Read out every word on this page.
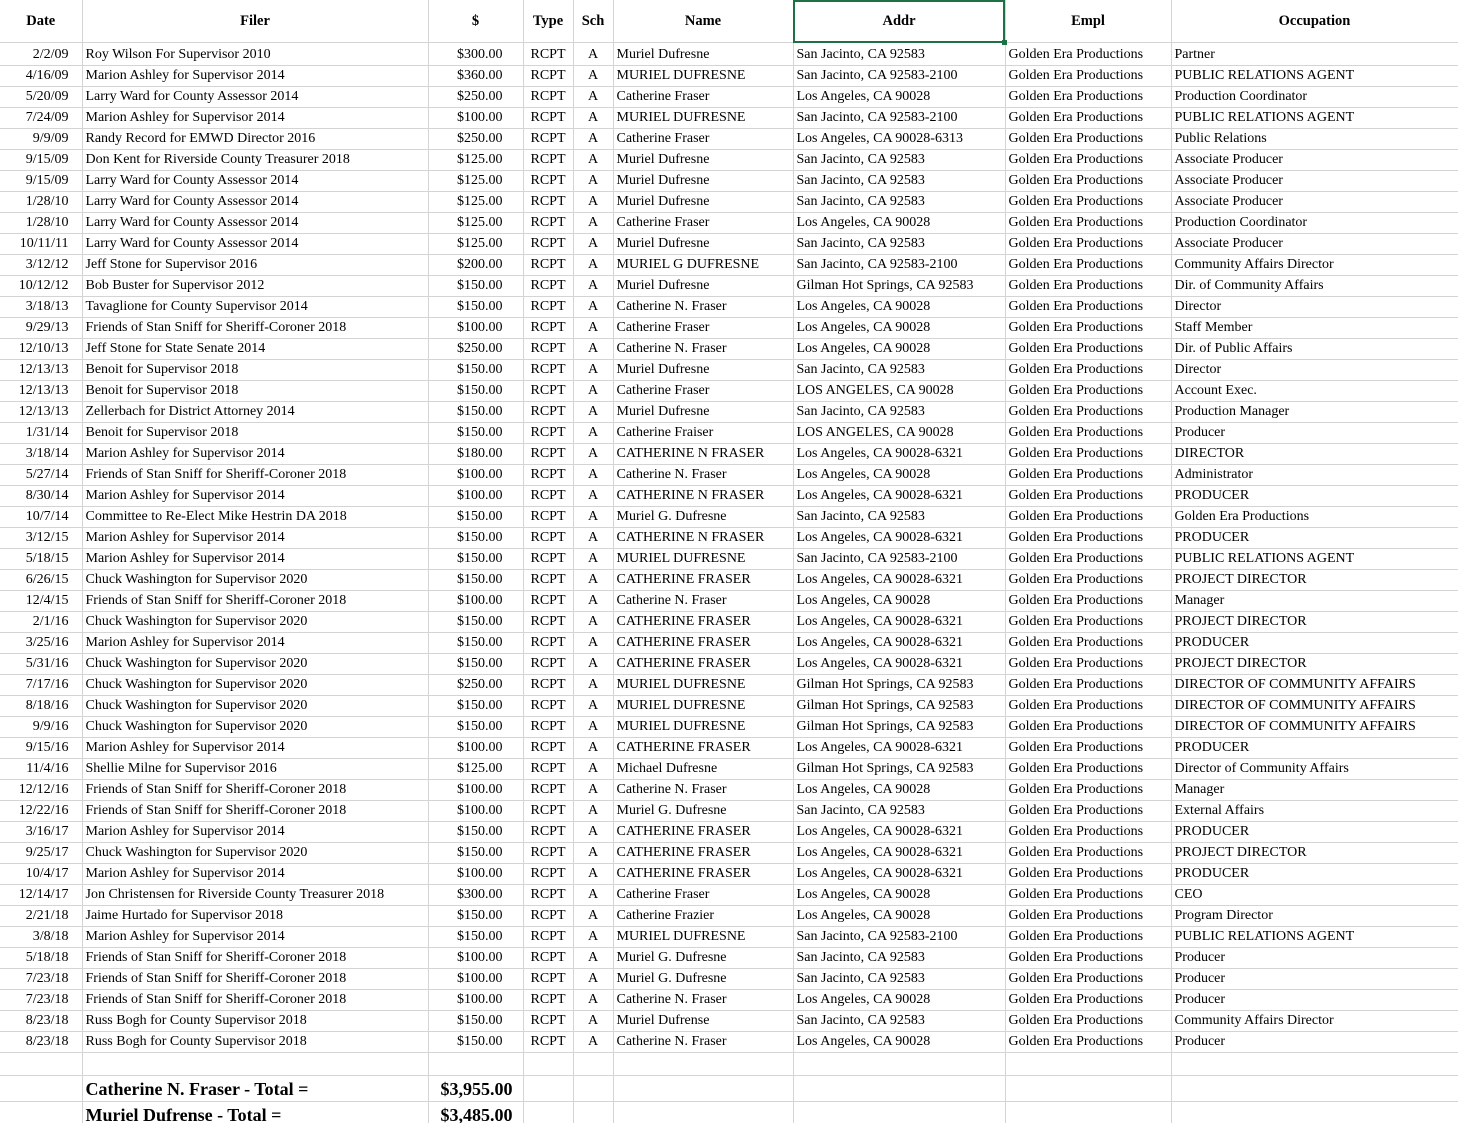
Date	Filer	$	Type	Sch	Name	Addr	Empl	Occupation
2/2/09	Roy Wilson For Supervisor 2010	$300.00	RCPT	A	Muriel Dufresne	San Jacinto, CA 92583	Golden Era Productions	Partner
4/16/09	Marion Ashley for Supervisor 2014	$360.00	RCPT	A	MURIEL DUFRESNE	San Jacinto, CA 92583-2100	Golden Era Productions	PUBLIC RELATIONS AGENT
5/20/09	Larry Ward for County Assessor 2014	$250.00	RCPT	A	Catherine Fraser	Los Angeles, CA 90028	Golden Era Productions	Production Coordinator
7/24/09	Marion Ashley for Supervisor 2014	$100.00	RCPT	A	MURIEL DUFRESNE	San Jacinto, CA 92583-2100	Golden Era Productions	PUBLIC RELATIONS AGENT
9/9/09	Randy Record for EMWD Director 2016	$250.00	RCPT	A	Catherine Fraser	Los Angeles, CA 90028-6313	Golden Era Productions	Public Relations
9/15/09	Don Kent for Riverside County Treasurer 2018	$125.00	RCPT	A	Muriel Dufresne	San Jacinto, CA 92583	Golden Era Productions	Associate Producer
9/15/09	Larry Ward for County Assessor 2014	$125.00	RCPT	A	Muriel Dufresne	San Jacinto, CA 92583	Golden Era Productions	Associate Producer
1/28/10	Larry Ward for County Assessor 2014	$125.00	RCPT	A	Muriel Dufresne	San Jacinto, CA 92583	Golden Era Productions	Associate Producer
1/28/10	Larry Ward for County Assessor 2014	$125.00	RCPT	A	Catherine Fraser	Los Angeles, CA 90028	Golden Era Productions	Production Coordinator
10/11/11	Larry Ward for County Assessor 2014	$125.00	RCPT	A	Muriel Dufresne	San Jacinto, CA 92583	Golden Era Productions	Associate Producer
3/12/12	Jeff Stone for Supervisor 2016	$200.00	RCPT	A	MURIEL G DUFRESNE	San Jacinto, CA 92583-2100	Golden Era Productions	Community Affairs Director
10/12/12	Bob Buster for Supervisor 2012	$150.00	RCPT	A	Muriel Dufresne	Gilman Hot Springs, CA 92583	Golden Era Productions	Dir. of Community Affairs
3/18/13	Tavaglione for County Supervisor 2014	$150.00	RCPT	A	Catherine N. Fraser	Los Angeles, CA 90028	Golden Era Productions	Director
9/29/13	Friends of Stan Sniff for Sheriff-Coroner 2018	$100.00	RCPT	A	Catherine Fraser	Los Angeles, CA 90028	Golden Era Productions	Staff Member
12/10/13	Jeff Stone for State Senate 2014	$250.00	RCPT	A	Catherine N. Fraser	Los Angeles, CA 90028	Golden Era Productions	Dir. of Public Affairs
12/13/13	Benoit for Supervisor 2018	$150.00	RCPT	A	Muriel Dufresne	San Jacinto, CA 92583	Golden Era Productions	Director
12/13/13	Benoit for Supervisor 2018	$150.00	RCPT	A	Catherine Fraser	LOS ANGELES, CA 90028	Golden Era Productions	Account Exec.
12/13/13	Zellerbach for District Attorney 2014	$150.00	RCPT	A	Muriel Dufresne	San Jacinto, CA 92583	Golden Era Productions	Production Manager
1/31/14	Benoit for Supervisor 2018	$150.00	RCPT	A	Catherine Fraiser	LOS ANGELES, CA 90028	Golden Era Productions	Producer
3/18/14	Marion Ashley for Supervisor 2014	$180.00	RCPT	A	CATHERINE N FRASER	Los Angeles, CA 90028-6321	Golden Era Productions	DIRECTOR
5/27/14	Friends of Stan Sniff for Sheriff-Coroner 2018	$100.00	RCPT	A	Catherine N. Fraser	Los Angeles, CA 90028	Golden Era Productions	Administrator
8/30/14	Marion Ashley for Supervisor 2014	$100.00	RCPT	A	CATHERINE N FRASER	Los Angeles, CA 90028-6321	Golden Era Productions	PRODUCER
10/7/14	Committee to Re-Elect Mike Hestrin DA 2018	$150.00	RCPT	A	Muriel G. Dufresne	San Jacinto, CA 92583	Golden Era Productions	Golden Era Productions
3/12/15	Marion Ashley for Supervisor 2014	$150.00	RCPT	A	CATHERINE N FRASER	Los Angeles, CA 90028-6321	Golden Era Productions	PRODUCER
5/18/15	Marion Ashley for Supervisor 2014	$150.00	RCPT	A	MURIEL DUFRESNE	San Jacinto, CA 92583-2100	Golden Era Productions	PUBLIC RELATIONS AGENT
6/26/15	Chuck Washington for Supervisor 2020	$150.00	RCPT	A	CATHERINE FRASER	Los Angeles, CA 90028-6321	Golden Era Productions	PROJECT DIRECTOR
12/4/15	Friends of Stan Sniff for Sheriff-Coroner 2018	$100.00	RCPT	A	Catherine N. Fraser	Los Angeles, CA 90028	Golden Era Productions	Manager
2/1/16	Chuck Washington for Supervisor 2020	$150.00	RCPT	A	CATHERINE FRASER	Los Angeles, CA 90028-6321	Golden Era Productions	PROJECT DIRECTOR
3/25/16	Marion Ashley for Supervisor 2014	$150.00	RCPT	A	CATHERINE FRASER	Los Angeles, CA 90028-6321	Golden Era Productions	PRODUCER
5/31/16	Chuck Washington for Supervisor 2020	$150.00	RCPT	A	CATHERINE FRASER	Los Angeles, CA 90028-6321	Golden Era Productions	PROJECT DIRECTOR
7/17/16	Chuck Washington for Supervisor 2020	$250.00	RCPT	A	MURIEL DUFRESNE	Gilman Hot Springs, CA 92583	Golden Era Productions	DIRECTOR OF COMMUNITY AFFAIRS
8/18/16	Chuck Washington for Supervisor 2020	$150.00	RCPT	A	MURIEL DUFRESNE	Gilman Hot Springs, CA 92583	Golden Era Productions	DIRECTOR OF COMMUNITY AFFAIRS
9/9/16	Chuck Washington for Supervisor 2020	$150.00	RCPT	A	MURIEL DUFRESNE	Gilman Hot Springs, CA 92583	Golden Era Productions	DIRECTOR OF COMMUNITY AFFAIRS
9/15/16	Marion Ashley for Supervisor 2014	$100.00	RCPT	A	CATHERINE FRASER	Los Angeles, CA 90028-6321	Golden Era Productions	PRODUCER
11/4/16	Shellie Milne for Supervisor 2016	$125.00	RCPT	A	Michael Dufresne	Gilman Hot Springs, CA 92583	Golden Era Productions	Director of Community Affairs
12/12/16	Friends of Stan Sniff for Sheriff-Coroner 2018	$100.00	RCPT	A	Catherine N. Fraser	Los Angeles, CA 90028	Golden Era Productions	Manager
12/22/16	Friends of Stan Sniff for Sheriff-Coroner 2018	$100.00	RCPT	A	Muriel G. Dufresne	San Jacinto, CA 92583	Golden Era Productions	External Affairs
3/16/17	Marion Ashley for Supervisor 2014	$150.00	RCPT	A	CATHERINE FRASER	Los Angeles, CA 90028-6321	Golden Era Productions	PRODUCER
9/25/17	Chuck Washington for Supervisor 2020	$150.00	RCPT	A	CATHERINE FRASER	Los Angeles, CA 90028-6321	Golden Era Productions	PROJECT DIRECTOR
10/4/17	Marion Ashley for Supervisor 2014	$100.00	RCPT	A	CATHERINE FRASER	Los Angeles, CA 90028-6321	Golden Era Productions	PRODUCER
12/14/17	Jon Christensen for Riverside County Treasurer 2018	$300.00	RCPT	A	Catherine Fraser	Los Angeles, CA 90028	Golden Era Productions	CEO
2/21/18	Jaime Hurtado for Supervisor 2018	$150.00	RCPT	A	Catherine Frazier	Los Angeles, CA 90028	Golden Era Productions	Program Director
3/8/18	Marion Ashley for Supervisor 2014	$150.00	RCPT	A	MURIEL DUFRESNE	San Jacinto, CA 92583-2100	Golden Era Productions	PUBLIC RELATIONS AGENT
5/18/18	Friends of Stan Sniff for Sheriff-Coroner 2018	$100.00	RCPT	A	Muriel G. Dufresne	San Jacinto, CA 92583	Golden Era Productions	Producer
7/23/18	Friends of Stan Sniff for Sheriff-Coroner 2018	$100.00	RCPT	A	Muriel G. Dufresne	San Jacinto, CA 92583	Golden Era Productions	Producer
7/23/18	Friends of Stan Sniff for Sheriff-Coroner 2018	$100.00	RCPT	A	Catherine N. Fraser	Los Angeles, CA 90028	Golden Era Productions	Producer
8/23/18	Russ Bogh for County Supervisor 2018	$150.00	RCPT	A	Muriel Dufrense	San Jacinto, CA 92583	Golden Era Productions	Community Affairs Director
8/23/18	Russ Bogh for County Supervisor 2018	$150.00	RCPT	A	Catherine N. Fraser	Los Angeles, CA 90028	Golden Era Productions	Producer

	Catherine N. Fraser - Total =	$3,955.00						
	Muriel Dufrense - Total =	$3,485.00						
